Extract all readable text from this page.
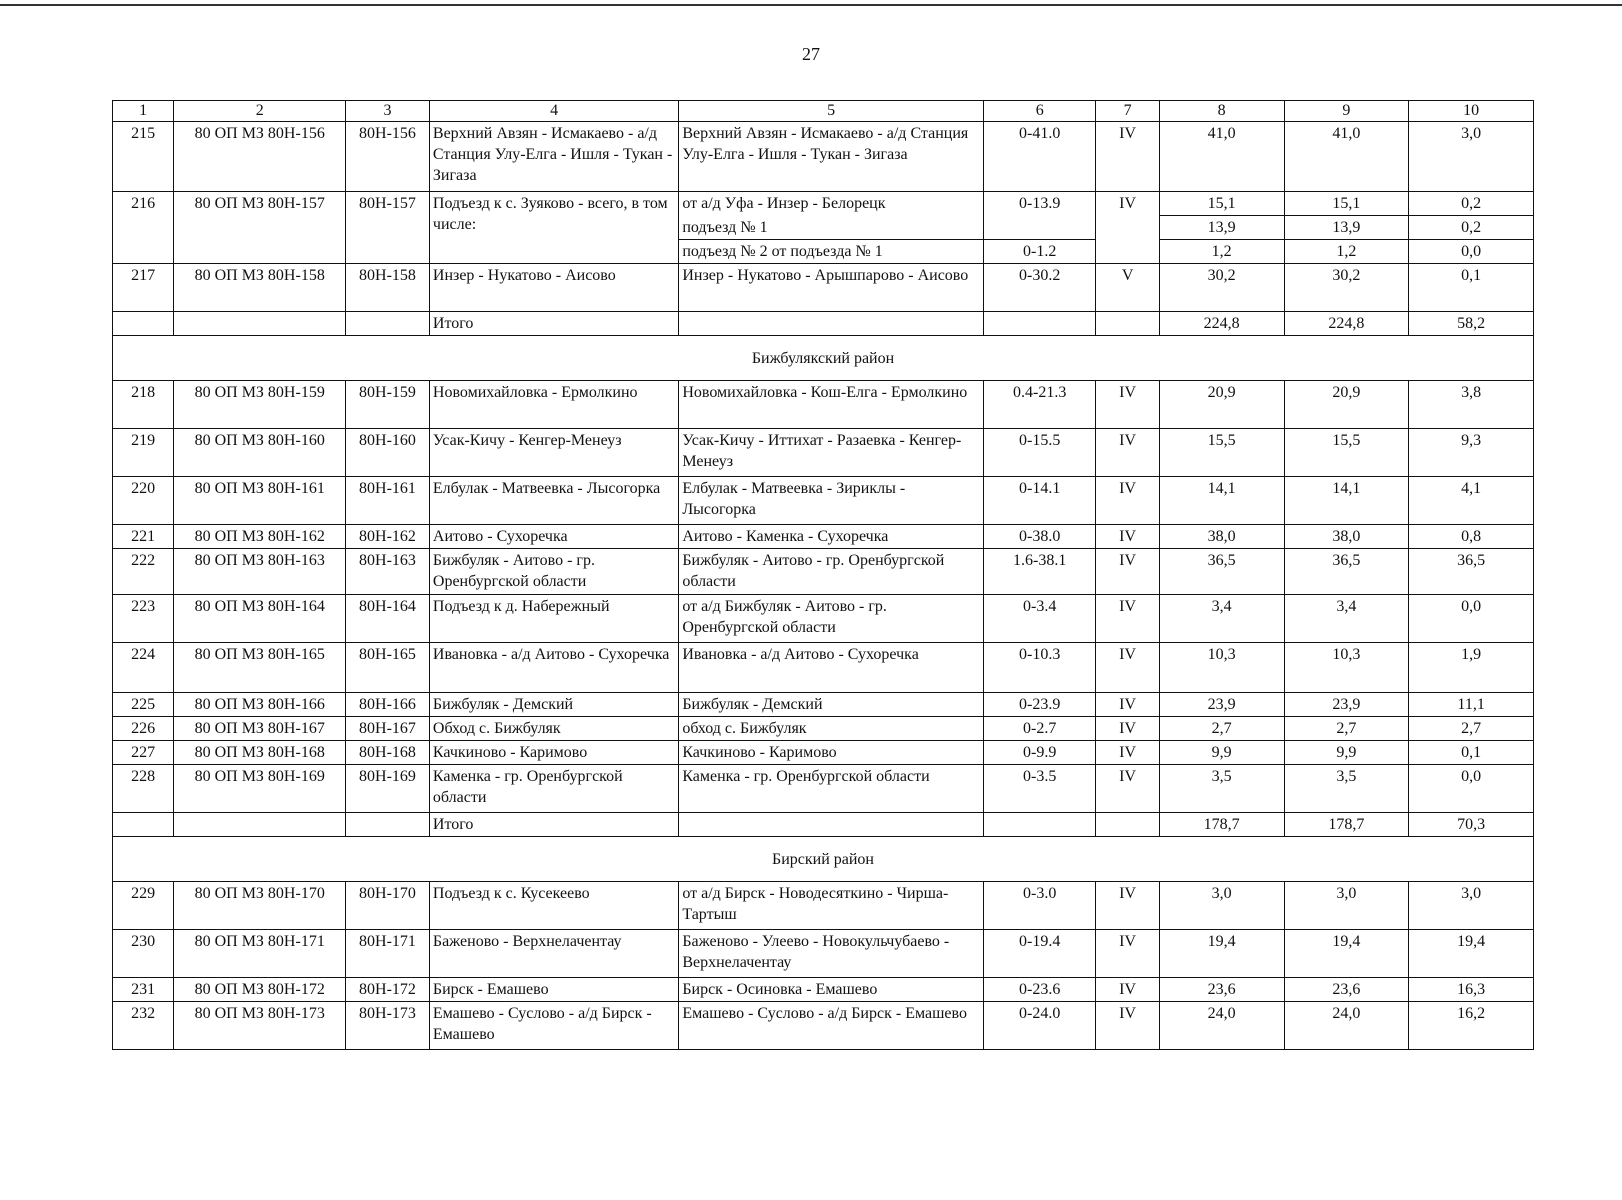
27
1	2	3	4	5	6	7	8	9	10
215	80 ОП МЗ 80Н-156	80Н-156	Верхний Авзян - Исмакаево - а/д Станция Улу-Елга - Ишля - Тукан - Зигаза	Верхний Авзян - Исмакаево - а/д Станция Улу-Елга - Ишля - Тукан - Зигаза	0-41.0	IV	41,0	41,0	3,0
216	80 ОП МЗ 80Н-157	80Н-157	Подъезд к с. Зуяково - всего, в том числе:	от а/д Уфа - Инзер - Белорецк	0-13.9	IV	15,1	15,1	0,2
				подъезд № 1			13,9	13,9	0,2
				подъезд № 2 от подъезда № 1	0-1.2		1,2	1,2	0,0
217	80 ОП МЗ 80Н-158	80Н-158	Инзер - Нукатово - Аисово	Инзер - Нукатово - Арышпарово - Аисово	0-30.2	V	30,2	30,2	0,1
			Итого				224,8	224,8	58,2
Бижбулякский район									
218	80 ОП МЗ 80Н-159	80Н-159	Новомихайловка - Ермолкино	Новомихайловка - Кош-Елга - Ермолкино	0.4-21.3	IV	20,9	20,9	3,8
219	80 ОП МЗ 80Н-160	80Н-160	Усак-Кичу - Кенгер-Менеуз	Усак-Кичу - Иттихат - Разаевка - Кенгер-Менеуз	0-15.5	IV	15,5	15,5	9,3
220	80 ОП МЗ 80Н-161	80Н-161	Елбулак - Матвеевка - Лысогорка	Елбулак - Матвеевка - Зириклы - Лысогорка	0-14.1	IV	14,1	14,1	4,1
221	80 ОП МЗ 80Н-162	80Н-162	Аитово - Сухоречка	Аитово - Каменка - Сухоречка	0-38.0	IV	38,0	38,0	0,8
222	80 ОП МЗ 80Н-163	80Н-163	Бижбуляк - Аитово - гр. Оренбургской области	Бижбуляк - Аитово - гр. Оренбургской области	1.6-38.1	IV	36,5	36,5	36,5
223	80 ОП МЗ 80Н-164	80Н-164	Подъезд к д. Набережный	от а/д Бижбуляк - Аитово - гр. Оренбургской области	0-3.4	IV	3,4	3,4	0,0
224	80 ОП МЗ 80Н-165	80Н-165	Ивановка - а/д Аитово - Сухоречка	Ивановка - а/д Аитово - Сухоречка	0-10.3	IV	10,3	10,3	1,9
225	80 ОП МЗ 80Н-166	80Н-166	Бижбуляк - Демский	Бижбуляк - Демский	0-23.9	IV	23,9	23,9	11,1
226	80 ОП МЗ 80Н-167	80Н-167	Обход с. Бижбуляк	обход с. Бижбуляк	0-2.7	IV	2,7	2,7	2,7
227	80 ОП МЗ 80Н-168	80Н-168	Качкиново - Каримово	Качкиново - Каримово	0-9.9	IV	9,9	9,9	0,1
228	80 ОП МЗ 80Н-169	80Н-169	Каменка - гр. Оренбургской области	Каменка - гр. Оренбургской области	0-3.5	IV	3,5	3,5	0,0
			Итого				178,7	178,7	70,3
Бирский район									
229	80 ОП МЗ 80Н-170	80Н-170	Подъезд к с. Кусекеево	от а/д Бирск - Новодесяткино - Чирша-Тартыш	0-3.0	IV	3,0	3,0	3,0
230	80 ОП МЗ 80Н-171	80Н-171	Баженово - Верхнелачентау	Баженово - Улеево - Новокульчубаево - Верхнелачентау	0-19.4	IV	19,4	19,4	19,4
231	80 ОП МЗ 80Н-172	80Н-172	Бирск - Емашево	Бирск - Осиновка - Емашево	0-23.6	IV	23,6	23,6	16,3
232	80 ОП МЗ 80Н-173	80Н-173	Емашево - Суслово - а/д Бирск - Емашево	Емашево - Суслово - а/д Бирск - Емашево	0-24.0	IV	24,0	24,0	16,2
